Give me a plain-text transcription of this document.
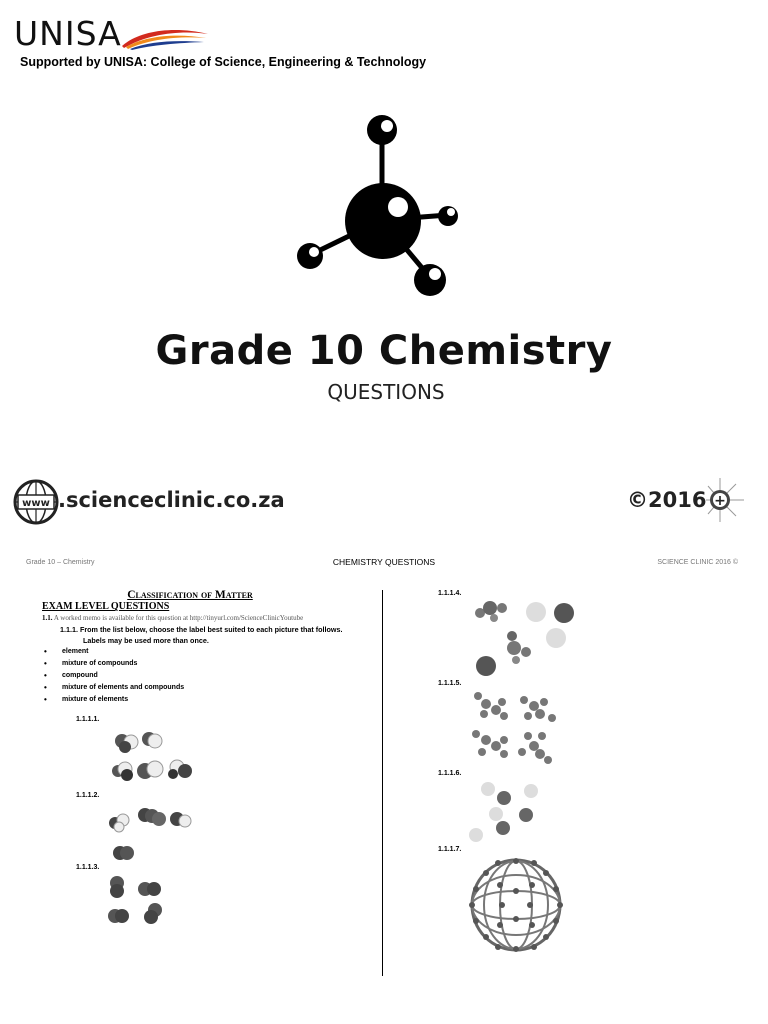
UNISA
Supported by UNISA: College of Science, Engineering & Technology
Grade 10 Chemistry
QUESTIONS
www .scienceclinic.co.za	©2016 +
Grade 10 – Chemistry	CHEMISTRY QUESTIONS	SCIENCE CLINIC 2016 ©
Classification of Matter
EXAM LEVEL QUESTIONS
1.1. A worked memo is available for this question at http://tinyurl.com/ScienceClinicYoutube
1.1.1. From the list below, choose the label best suited to each picture that follows.
Labels may be used more than once.
• element
• mixture of compounds
• compound
• mixture of elements and compounds
• mixture of elements
1.1.1.1.
1.1.1.2.
1.1.1.3.
1.1.1.4.
1.1.1.5.
1.1.1.6.
1.1.1.7.
